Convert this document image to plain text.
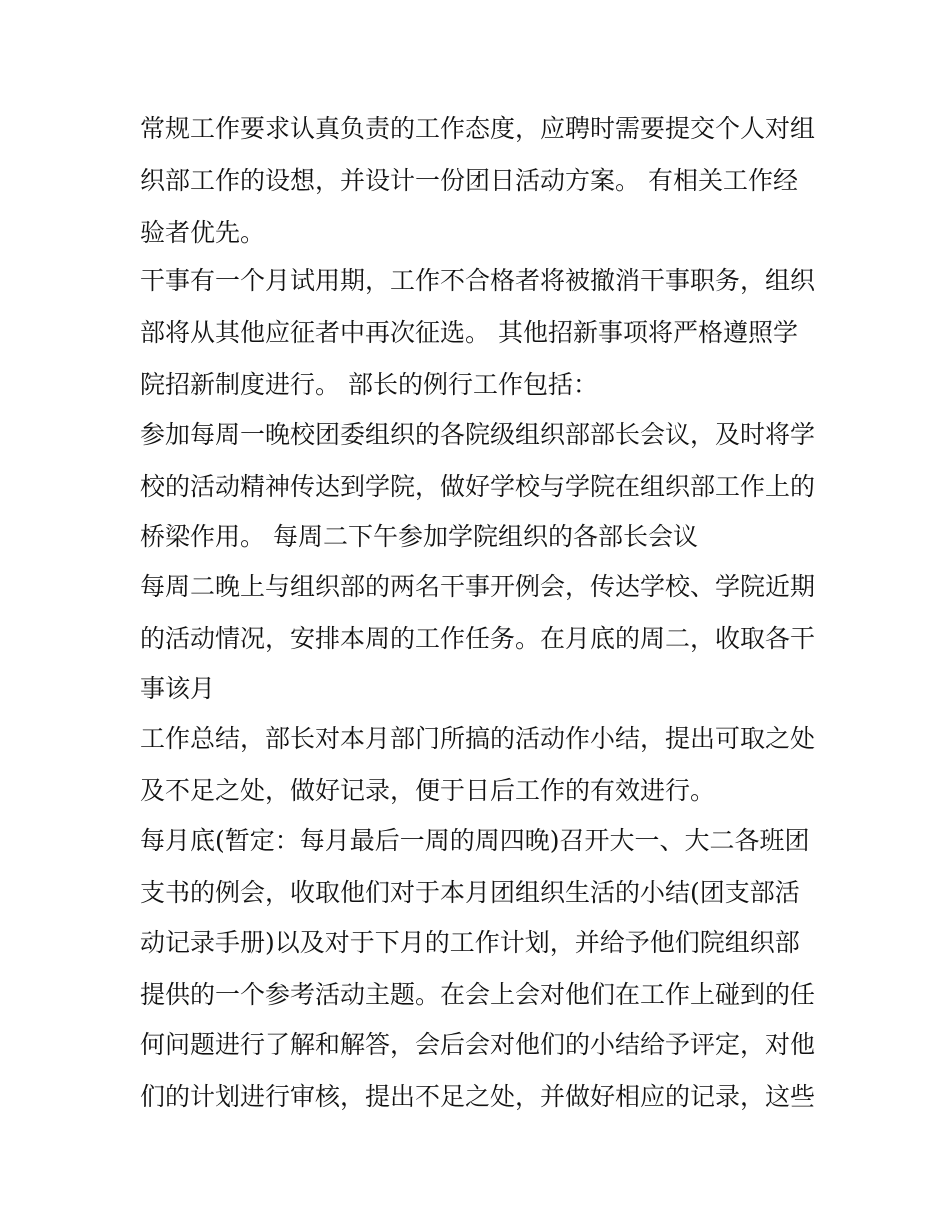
常规工作要求认真负责的工作态度，应聘时需要提交个人对组

织部工作的设想，并设计一份团日活动方案。 有相关工作经

验者优先。

干事有一个月试用期，工作不合格者将被撤消干事职务，组织

部将从其他应征者中再次征选。 其他招新事项将严格遵照学

院招新制度进行。 部长的例行工作包括：

参加每周一晚校团委组织的各院级组织部部长会议，及时将学

校的活动精神传达到学院，做好学校与学院在组织部工作上的

桥梁作用。 每周二下午参加学院组织的各部长会议

每周二晚上与组织部的两名干事开例会，传达学校、学院近期

的活动情况，安排本周的工作任务。在月底的周二，收取各干

事该月

工作总结，部长对本月部门所搞的活动作小结，提出可取之处

及不足之处，做好记录，便于日后工作的有效进行。

每月底(暂定：每月最后一周的周四晚)召开大一、大二各班团

支书的例会，收取他们对于本月团组织生活的小结(团支部活

动记录手册)以及对于下月的工作计划，并给予他们院组织部

提供的一个参考活动主题。在会上会对他们在工作上碰到的任

何问题进行了解和解答，会后会对他们的小结给予评定，对他

们的计划进行审核，提出不足之处，并做好相应的记录，这些
